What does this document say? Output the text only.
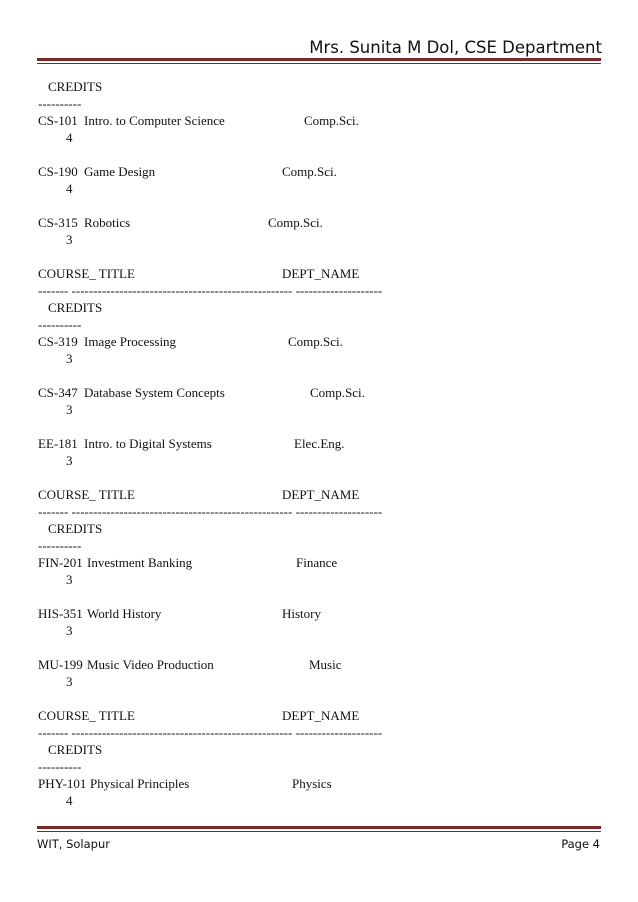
Mrs. Sunita M Dol, CSE Department
CREDITS
----------
CS-101 Intro. to Computer Science	Comp.Sci.
4
CS-190 Game Design	Comp.Sci.
4
CS-315 Robotics	Comp.Sci.
3
COURSE_ TITLE	DEPT_NAME
------- --------------------------------------------------- --------------------
CREDITS
----------
CS-319 Image Processing	Comp.Sci.
3
CS-347 Database System Concepts	Comp.Sci.
3
EE-181 Intro. to Digital Systems	Elec.Eng.
3
COURSE_ TITLE	DEPT_NAME
------- --------------------------------------------------- --------------------
CREDITS
----------
FIN-201 Investment Banking	Finance
3
HIS-351 World History	History
3
MU-199 Music Video Production	Music
3
COURSE_ TITLE	DEPT_NAME
------- --------------------------------------------------- --------------------
CREDITS
----------
PHY-101 Physical Principles	Physics
4
WIT, Solapur	Page 4
